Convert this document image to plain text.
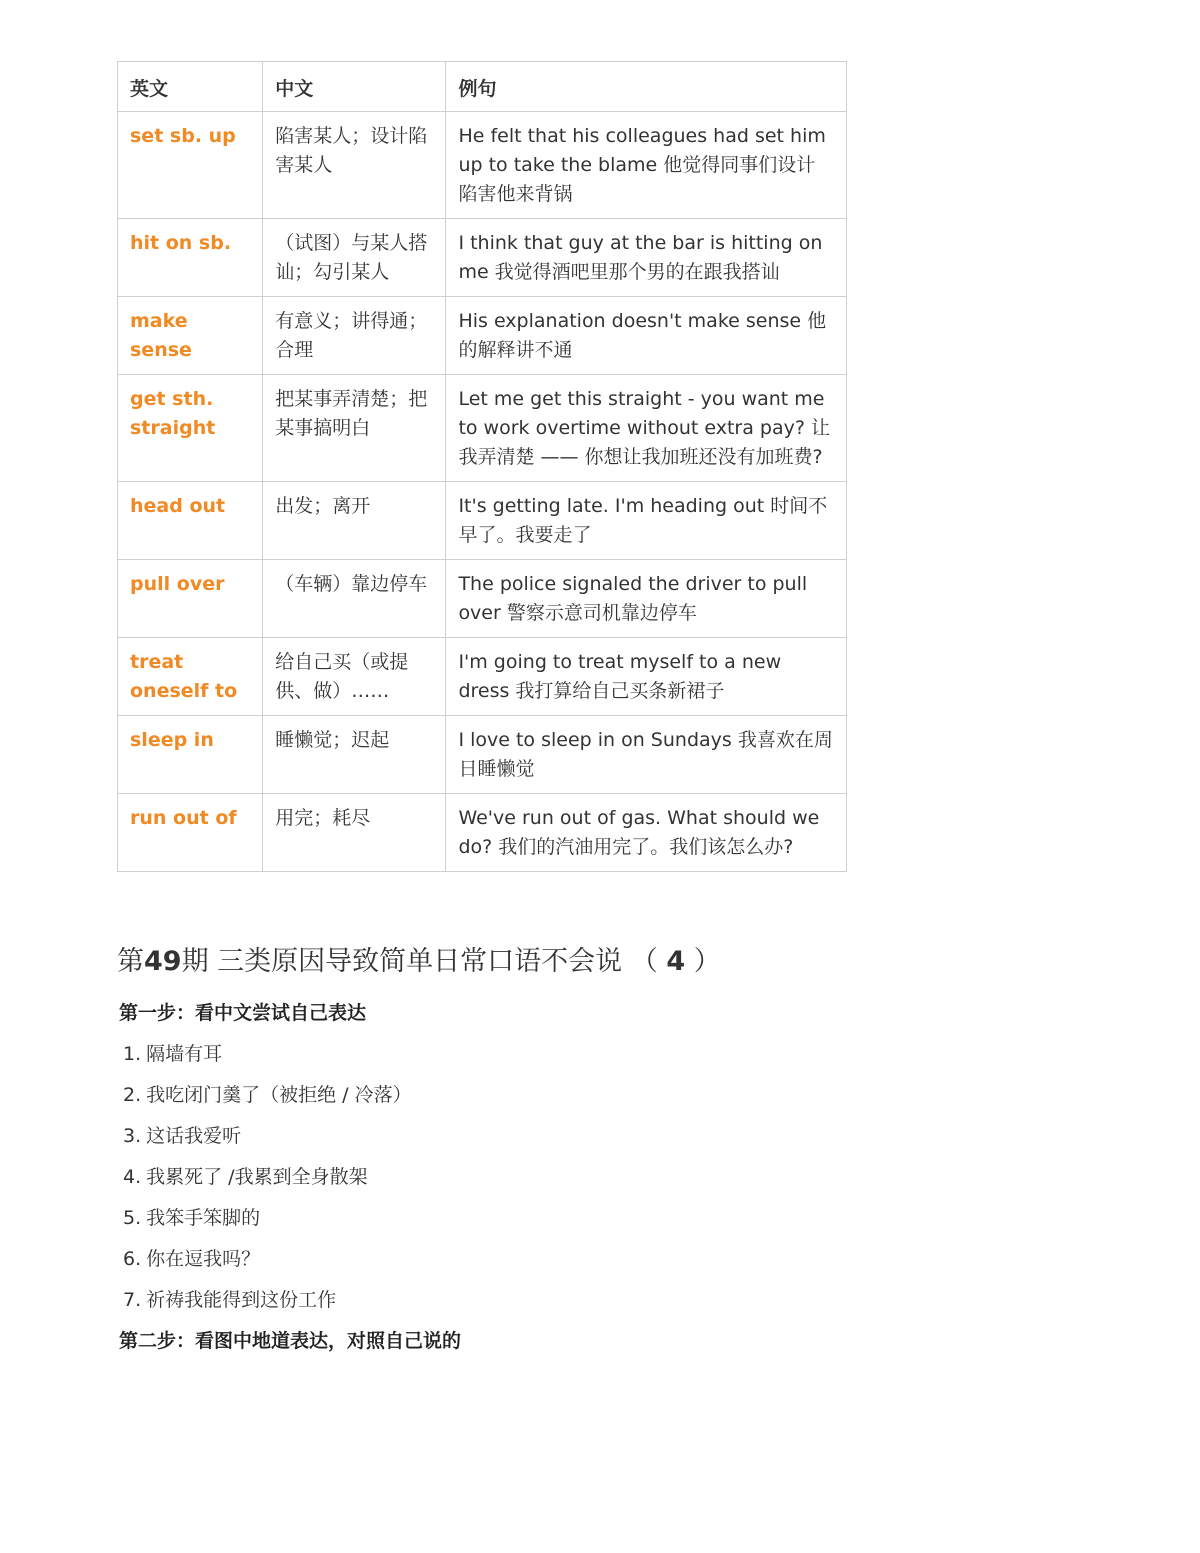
英文	中文	例句
set sb. up	陷害某人；设计陷害某人	He felt that his colleagues had set him up to take the blame 他觉得同事们设计陷害他来背锅
hit on sb.	（试图）与某人搭讪；勾引某人	I think that guy at the bar is hitting on me 我觉得酒吧里那个男的在跟我搭讪
make sense	有意义；讲得通；合理	His explanation doesn't make sense 他的解释讲不通
get sth. straight	把某事弄清楚；把某事搞明白	Let me get this straight - you want me to work overtime without extra pay? 让我弄清楚 —— 你想让我加班还没有加班费?
head out	出发；离开	It's getting late. I'm heading out 时间不早了。我要走了
pull over	（车辆）靠边停车	The police signaled the driver to pull over 警察示意司机靠边停车
treat oneself to	给自己买（或提供、做）……	I'm going to treat myself to a new dress 我打算给自己买条新裙子
sleep in	睡懒觉；迟起	I love to sleep in on Sundays 我喜欢在周日睡懒觉
run out of	用完；耗尽	We've run out of gas. What should we do? 我们的汽油用完了。我们该怎么办?
第49期 三类原因导致简单日常口语不会说 （ 4 ）

第一步：看中文尝试自己表达

1. 隔墙有耳
2. 我吃闭门羹了（被拒绝 / 冷落）
3. 这话我爱听
4. 我累死了 /我累到全身散架
5. 我笨手笨脚的
6. 你在逗我吗？
7. 祈祷我能得到这份工作

第二步：看图中地道表达，对照自己说的
